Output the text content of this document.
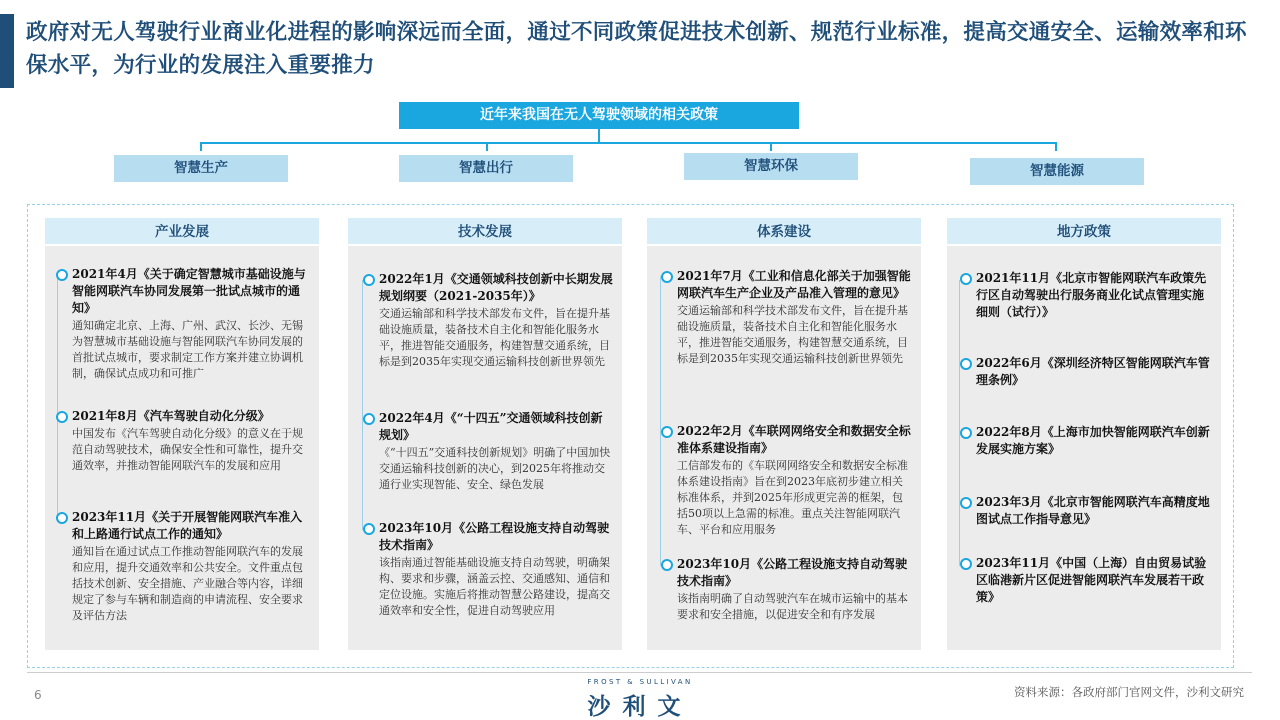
政府对无人驾驶行业商业化进程的影响深远而全面，通过不同政策促进技术创新、规范行业标准，提高交通安全、运输效率和环保水平，为行业的发展注入重要推力
近年来我国在无人驾驶领域的相关政策
智慧生产	智慧出行	智慧环保	智慧能源
产业发展
2021年4月《关于确定智慧城市基础设施与智能网联汽车协同发展第一批试点城市的通知》
通知确定北京、上海、广州、武汉、长沙、无锡为智慧城市基础设施与智能网联汽车协同发展的首批试点城市，要求制定工作方案并建立协调机制，确保试点成功和可推广
2021年8月《汽车驾驶自动化分级》
中国发布《汽车驾驶自动化分级》的意义在于规范自动驾驶技术，确保安全性和可靠性，提升交通效率，并推动智能网联汽车的发展和应用
2023年11月《关于开展智能网联汽车准入和上路通行试点工作的通知》
通知旨在通过试点工作推动智能网联汽车的发展和应用，提升交通效率和公共安全。文件重点包括技术创新、安全措施、产业融合等内容，详细规定了参与车辆和制造商的申请流程、安全要求及评估方法
技术发展
2022年1月《交通领域科技创新中长期发展规划纲要（2021-2035年）》
交通运输部和科学技术部发布文件，旨在提升基础设施质量，装备技术自主化和智能化服务水平，推进智能交通服务，构建智慧交通系统，目标是到2035年实现交通运输科技创新世界领先
2022年4月《“十四五”交通领域科技创新规划》
《“十四五”交通科技创新规划》明确了中国加快交通运输科技创新的决心，到2025年将推动交通行业实现智能、安全、绿色发展
2023年10月《公路工程设施支持自动驾驶技术指南》
该指南通过智能基础设施支持自动驾驶，明确架构、要求和步骤，涵盖云控、交通感知、通信和定位设施。实施后将推动智慧公路建设，提高交通效率和安全性，促进自动驾驶应用
体系建设
2021年7月《工业和信息化部关于加强智能网联汽车生产企业及产品准入管理的意见》
交通运输部和科学技术部发布文件，旨在提升基础设施质量，装备技术自主化和智能化服务水平，推进智能交通服务，构建智慧交通系统，目标是到2035年实现交通运输科技创新世界领先
2022年2月《车联网网络安全和数据安全标准体系建设指南》
工信部发布的《车联网网络安全和数据安全标准体系建设指南》旨在到2023年底初步建立相关标准体系，并到2025年形成更完善的框架，包括50项以上急需的标准。重点关注智能网联汽车、平台和应用服务
2023年10月《公路工程设施支持自动驾驶技术指南》
该指南明确了自动驾驶汽车在城市运输中的基本要求和安全措施，以促进安全和有序发展
地方政策
2021年11月《北京市智能网联汽车政策先行区自动驾驶出行服务商业化试点管理实施细则（试行）》
2022年6月《深圳经济特区智能网联汽车管理条例》
2022年8月《上海市加快智能网联汽车创新发展实施方案》
2023年3月《北京市智能网联汽车高精度地图试点工作指导意见》
2023年11月《中国（上海）自由贸易试验区临港新片区促进智能网联汽车发展若干政策》
6
FROST & SULLIVAN
沙利文
资料来源：各政府部门官网文件，沙利文研究
